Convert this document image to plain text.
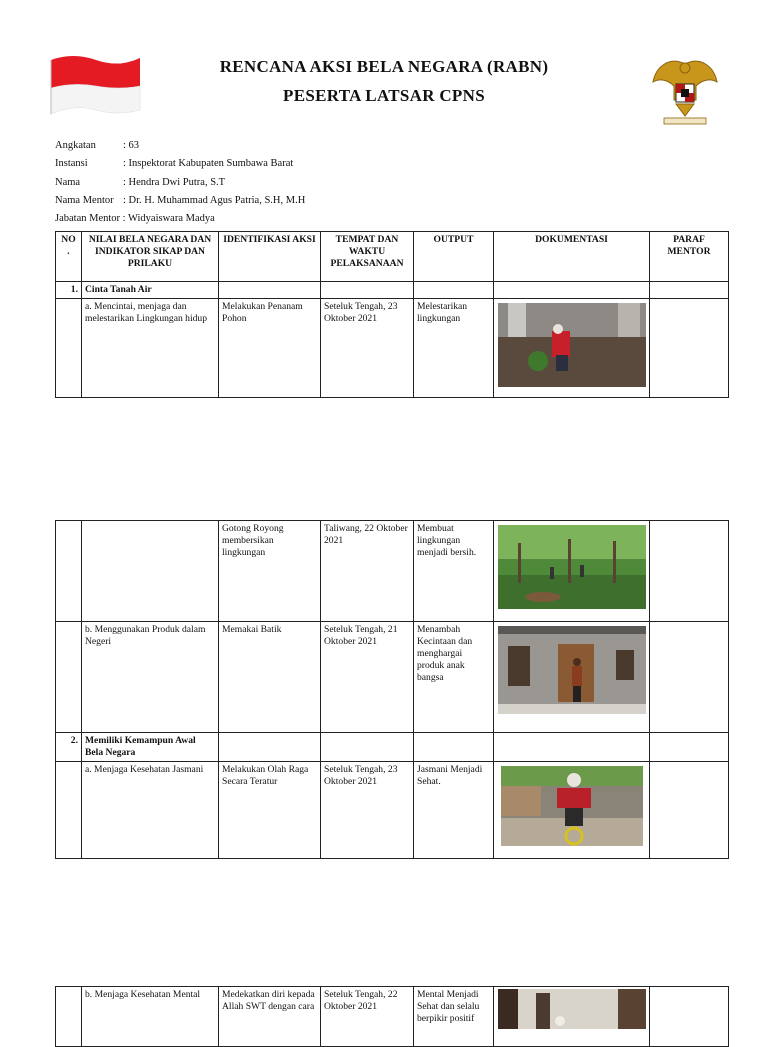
RENCANA AKSI BELA NEGARA (RABN)
PESERTA LATSAR CPNS
Angkatan	: 63
Instansi	: Inspektorat Kabupaten Sumbawa Barat
Nama	: Hendra Dwi Putra, S.T
Nama Mentor : Dr. H. Muhammad Agus Patria, S.H, M.H
Jabatan Mentor : Widyaiswara Madya
NO .	NILAI BELA NEGARA DAN INDIKATOR SIKAP DAN PRILAKU	IDENTIFIKASI AKSI	TEMPAT DAN WAKTU PELAKSANAAN	OUTPUT	DOKUMENTASI	PARAF MENTOR
1.	Cinta Tanah Air					
	a. Mencintai, menjaga dan melestarikan Lingkungan hidup	Melakukan Penanam Pohon	Seteluk Tengah, 23 Oktober 2021	Melestarikan lingkungan	

		Gotong Royong membersikan lingkungan	Taliwang, 22 Oktober 2021	Membuat lingkungan menjadi bersih.	

	b. Menggunakan Produk dalam Negeri	Memakai Batik	Seteluk Tengah, 21 Oktober 2021	Menambah Kecintaan dan menghargai produk anak bangsa	

2.	Memiliki Kemampun Awal Bela Negara					
	a. Menjaga Kesehatan Jasmani	Melakukan Olah Raga Secara Teratur	Seteluk Tengah, 23 Oktober 2021	Jasmani Menjadi Sehat.	

	b. Menjaga Kesehatan Mental	Medekatkan diri kepada Allah SWT dengan cara	Seteluk Tengah, 22 Oktober 2021	Mental Menjadi Sehat dan selalu berpikir positif	
